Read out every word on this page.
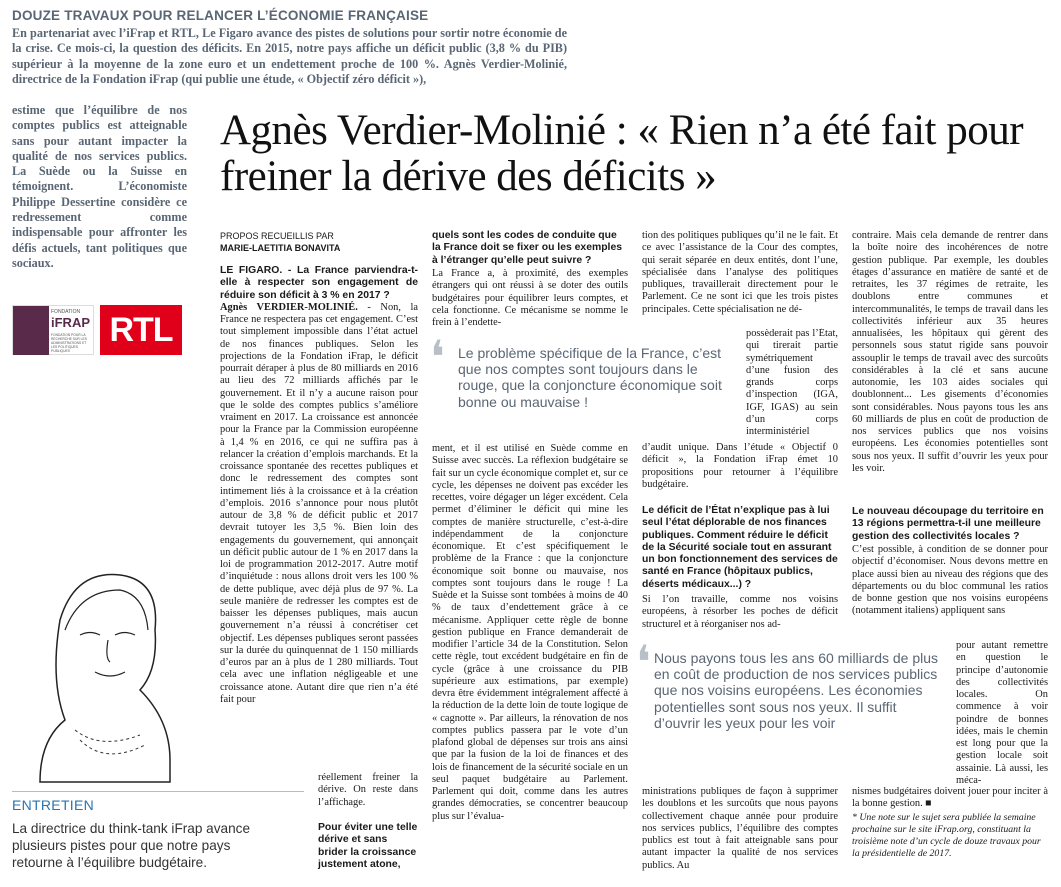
DOUZE TRAVAUX POUR RELANCER L’ÉCONOMIE FRANÇAISE
En partenariat avec l’iFrap et RTL, Le Figaro avance des pistes de solutions pour sortir notre économie de la crise. Ce mois-ci, la question des déficits. En 2015, notre pays affiche un déficit public (3,8 % du PIB) supérieur à la moyenne de la zone euro et un endettement proche de 100 %. Agnès Verdier-Molinié, directrice de la Fondation iFrap (qui publie une étude, « Objectif zéro déficit »),
estime que l’équilibre de nos comptes publics est atteignable sans pour autant impacter la qualité de nos services publics. La Suède ou la Suisse en témoignent. L’économiste Philippe Dessertine considère ce redressement comme indispensable pour affronter les défis actuels, tant politiques que sociaux.
FONDATION
iFRAP
FONDATION POUR LA RECHERCHE SUR LES ADMINISTRATIONS ET LES POLITIQUES PUBLIQUES
RTL
ENTRETIEN
La directrice du think-tank iFrap avance plusieurs pistes pour que notre pays retourne à l’équilibre budgétaire.
Agnès Verdier-Molinié : « Rien n’a été fait pour freiner la dérive des déficits »
PROPOS RECUEILLIS PAR
MARIE-LAETITIA BONAVITA

LE FIGARO. - La France parviendra-t-elle à respecter son engagement de réduire son déficit à 3 % en 2017 ?

Agnès VERDIER-MOLINIÉ. - Non, la France ne respectera pas cet engagement. C’est tout simplement impossible dans l’état actuel de nos finances publiques. Selon les projections de la Fondation iFrap, le déficit pourrait déraper à plus de 80 milliards en 2016 au lieu des 72 milliards affichés par le gouvernement. Et il n’y a aucune raison pour que le solde des comptes publics s’améliore vraiment en 2017. La croissance est annoncée pour la France par la Commission européenne à 1,4 % en 2016, ce qui ne suffira pas à relancer la création d’emplois marchands. Et la croissance spontanée des recettes publiques et donc le redressement des comptes sont intimement liés à la croissance et à la création d’emplois. 2016 s’annonce pour nous plutôt autour de 3,8 % de déficit public et 2017 devrait tutoyer les 3,5 %. Bien loin des engagements du gouvernement, qui annonçait un déficit public autour de 1 % en 2017 dans la loi de programmation 2012-2017. Autre motif d’inquiétude : nous allons droit vers les 100 % de dette publique, avec déjà plus de 97 %. La seule manière de redresser les comptes est de baisser les dépenses publiques, mais aucun gouvernement n’a réussi à concrétiser cet objectif. Les dépenses publiques seront passées sur la durée du quinquennat de 1 150 milliards d’euros par an à plus de 1 280 milliards. Tout cela avec une inflation négligeable et une croissance atone. Autant dire que rien n’a été fait pour

réellement freiner la dérive. On reste dans l’affichage.
Pour éviter une telle dérive et sans brider la croissance justement atone,
quels sont les codes de conduite que la France doit se fixer ou les exemples à l’étranger qu’elle peut suivre ?
La France a, à proximité, des exemples étrangers qui ont réussi à se doter des outils budgétaires pour équilibrer leurs comptes, et cela fonctionne. Ce mécanisme se nomme le frein à l’endette-
ment, et il est utilisé en Suède comme en Suisse avec succès. La réflexion budgétaire se fait sur un cycle économique complet et, sur ce cycle, les dépenses ne doivent pas excéder les recettes, voire dégager un léger excédent. Cela permet d’éliminer le déficit qui mine les comptes de manière structurelle, c’est-à-dire indépendamment de la conjoncture économique. Et c’est spécifiquement le problème de la France : que la conjoncture économique soit bonne ou mauvaise, nos comptes sont toujours dans le rouge ! La Suède et la Suisse sont tombées à moins de 40 % de taux d’endettement grâce à ce mécanisme. Appliquer cette règle de bonne gestion publique en France demanderait de modifier l’article 34 de la Constitution. Selon cette règle, tout excédent budgétaire en fin de cycle (grâce à une croissance du PIB supérieure aux estimations, par exemple) devra être évidemment intégralement affecté à la réduction de la dette loin de toute logique de « cagnotte ». Par ailleurs, la rénovation de nos comptes publics passera par le vote d’un plafond global de dépenses sur trois ans ainsi que par la fusion de la loi de finances et des lois de financement de la sécurité sociale en un seul paquet budgétaire au Parlement. Parlement qui doit, comme dans les autres grandes démocraties, se concentrer beaucoup plus sur l’évalua-
❛ Le problème spécifique de la France, c’est que nos comptes sont toujours dans le rouge, que la conjoncture économique soit bonne ou mauvaise !
tion des politiques publiques qu’il ne le fait. Et ce avec l’assistance de la Cour des comptes, qui serait séparée en deux entités, dont l’une, spécialisée dans l’analyse des politiques publiques, travaillerait directement pour le Parlement. Ce ne sont ici que les trois pistes principales. Cette spécialisation ne dé-
possèderait pas l’État, qui tirerait partie symétriquement d’une fusion des grands corps d’inspection (IGA, IGF, IGAS) au sein d’un corps interministériel
d’audit unique. Dans l’étude « Objectif 0 déficit », la Fondation iFrap émet 10 propositions pour retourner à l’équilibre budgétaire.
Le déficit de l’État n’explique pas à lui seul l’état déplorable de nos finances publiques. Comment réduire le déficit de la Sécurité sociale tout en assurant un bon fonctionnement des services de santé en France (hôpitaux publics, déserts médicaux...) ?
Si l’on travaille, comme nos voisins européens, à résorber les poches de déficit structurel et à réorganiser nos ad-
❛ Nous payons tous les ans 60 milliards de plus en coût de production de nos services publics que nos voisins européens. Les économies potentielles sont sous nos yeux. Il suffit d’ouvrir les yeux pour les voir
ministrations publiques de façon à supprimer les doublons et les surcoûts que nous payons collectivement chaque année pour produire nos services publics, l’équilibre des comptes publics est tout à fait atteignable sans pour autant impacter la qualité de nos services publics. Au
contraire. Mais cela demande de rentrer dans la boîte noire des incohérences de notre gestion publique. Par exemple, les doubles étages d’assurance en matière de santé et de retraites, les 37 régimes de retraite, les doublons entre communes et intercommunalités, le temps de travail dans les collectivités inférieur aux 35 heures annualisées, les hôpitaux qui gèrent des personnels sous statut rigide sans pouvoir assouplir le temps de travail avec des surcoûts considérables à la clé et sans aucune autonomie, les 103 aides sociales qui doublonnent... Les gisements d’économies sont considérables. Nous payons tous les ans 60 milliards de plus en coût de production de nos services publics que nos voisins européens. Les économies potentielles sont sous nos yeux. Il suffit d’ouvrir les yeux pour les voir.
Le nouveau découpage du territoire en 13 régions permettra-t-il une meilleure gestion des collectivités locales ?
C’est possible, à condition de se donner pour objectif d’économiser. Nous devons mettre en place aussi bien au niveau des régions que des départements ou du bloc communal les ratios de bonne gestion que nos voisins européens (notamment italiens) appliquent sans
pour autant remettre en question le principe d’autonomie des collectivités locales. On commence à voir poindre de bonnes idées, mais le chemin est long pour que la gestion locale soit assainie. Là aussi, les méca-
nismes budgétaires doivent jouer pour inciter à la bonne gestion. ■
* Une note sur le sujet sera publiée la semaine prochaine sur le site iFrap.org, constituant la troisième note d’un cycle de douze travaux pour la présidentielle de 2017.
